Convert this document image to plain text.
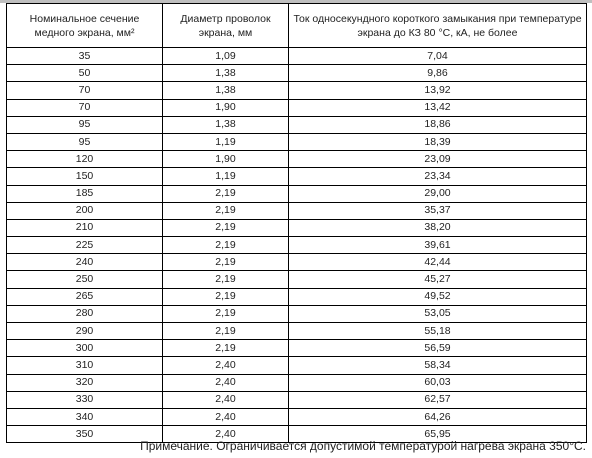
Номинальное сечение медного экрана, мм²	Диаметр проволок экрана, мм	Ток односекундного короткого замыкания при температуре экрана до КЗ 80 °С, кА, не более
35	1,09	7,04
50	1,38	9,86
70	1,38	13,92
70	1,90	13,42
95	1,38	18,86
95	1,19	18,39
120	1,90	23,09
150	1,19	23,34
185	2,19	29,00
200	2,19	35,37
210	2,19	38,20
225	2,19	39,61
240	2,19	42,44
250	2,19	45,27
265	2,19	49,52
280	2,19	53,05
290	2,19	55,18
300	2,19	56,59
310	2,40	58,34
320	2,40	60,03
330	2,40	62,57
340	2,40	64,26
350	2,40	65,95
Примечание. Ограничивается допустимой температурой нагрева экрана 350°С.
